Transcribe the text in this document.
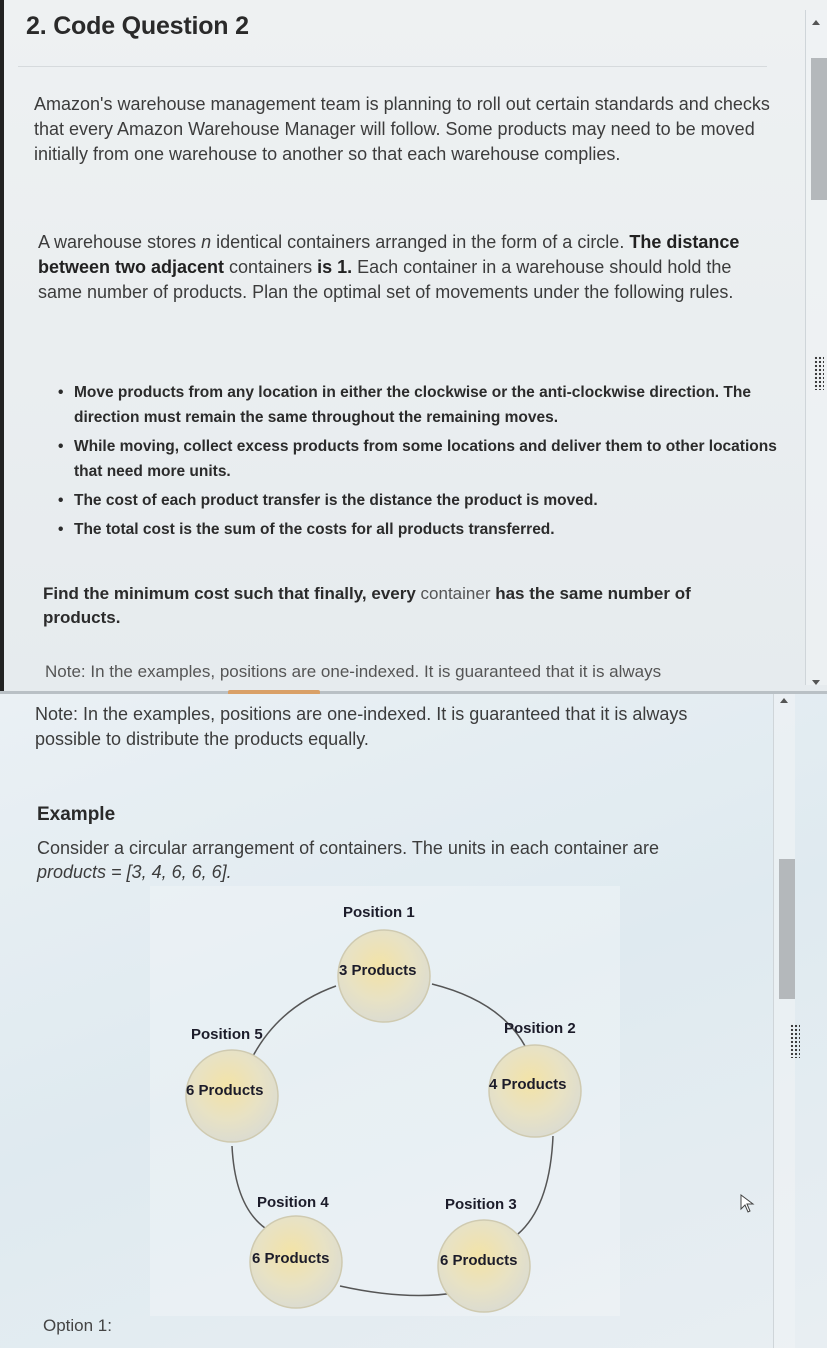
2. Code Question 2

Amazon's warehouse management team is planning to roll out certain standards and checks that every Amazon Warehouse Manager will follow. Some products may need to be moved initially from one warehouse to another so that each warehouse complies.

A warehouse stores n identical containers arranged in the form of a circle. The distance between two adjacent containers is 1. Each container in a warehouse should hold the same number of products. Plan the optimal set of movements under the following rules.

• Move products from any location in either the clockwise or the anti-clockwise direction. The direction must remain the same throughout the remaining moves.
• While moving, collect excess products from some locations and deliver them to other locations that need more units.
• The cost of each product transfer is the distance the product is moved.
• The total cost is the sum of the costs for all products transferred.

Find the minimum cost such that finally, every container has the same number of products.

Note: In the examples, positions are one-indexed. It is guaranteed that it is always

Note: In the examples, positions are one-indexed. It is guaranteed that it is always possible to distribute the products equally.

Example

Consider a circular arrangement of containers. The units in each container are
products = [3, 4, 6, 6, 6].

Position 1
3 Products
Position 2
4 Products
Position 3
6 Products
Position 4
6 Products
Position 5
6 Products
Option 1:
